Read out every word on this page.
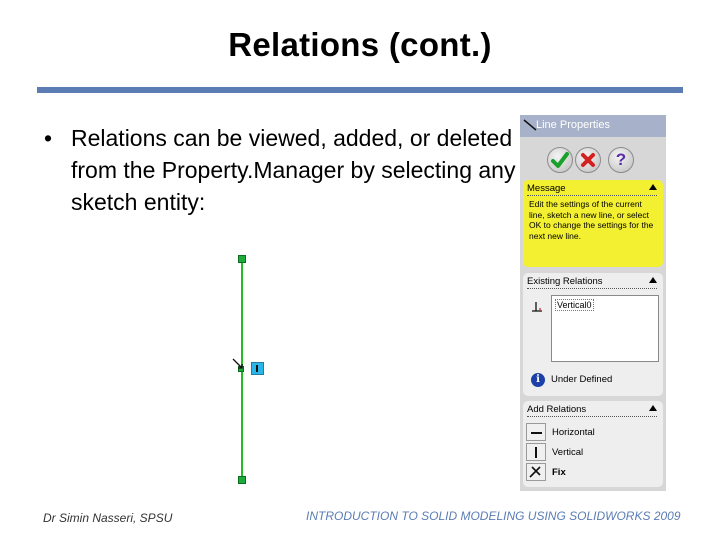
Relations (cont.)
• Relations can be viewed, added, or deleted from the Property.Manager by selecting any sketch entity:
Line Properties
?
Message
Edit the settings of the current line, sketch a new line, or select OK to change the settings for the next new line.
Existing Relations
Vertical0
i	Under Defined
Add Relations
Horizontal
Vertical
Fix
Dr Simin Nasseri, SPSU	INTRODUCTION TO SOLID MODELING USING SOLIDWORKS 2009
